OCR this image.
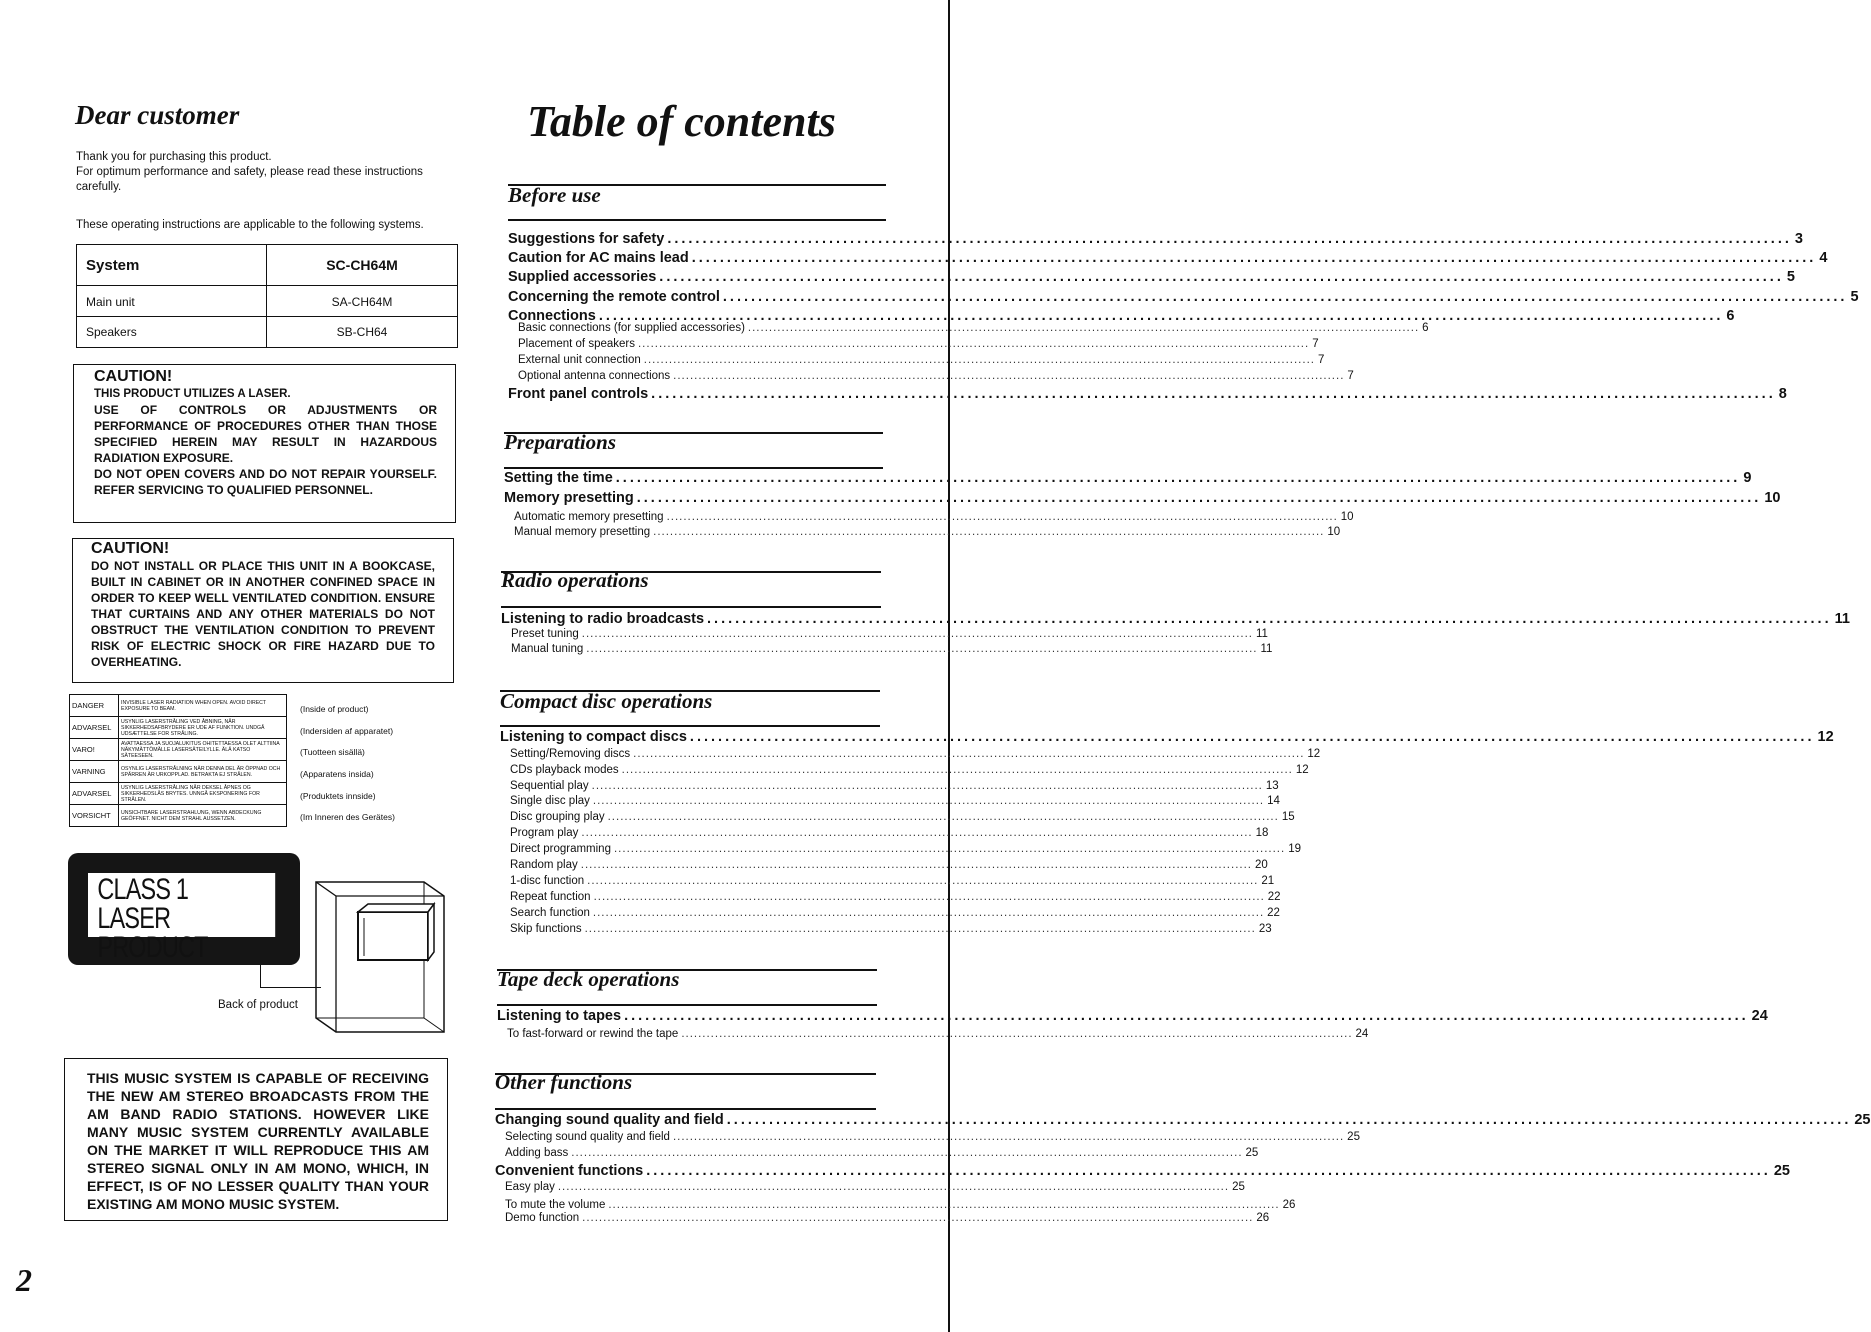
Dear customer
Thank you for purchasing this product.
For optimum performance and safety, please read these instructions
carefully.
These operating instructions are applicable to the following systems.
System	SC-CH64M
Main unit	SA-CH64M
Speakers	SB-CH64
CAUTION!
THIS PRODUCT UTILIZES A LASER.
USE OF CONTROLS OR ADJUSTMENTS OR PERFORMANCE OF PROCEDURES OTHER THAN THOSE SPECIFIED HEREIN MAY RESULT IN HAZARDOUS RADIATION EXPOSURE.
DO NOT OPEN COVERS AND DO NOT REPAIR YOURSELF. REFER SERVICING TO QUALIFIED PERSONNEL.
CAUTION!
DO NOT INSTALL OR PLACE THIS UNIT IN A BOOKCASE, BUILT IN CABINET OR IN ANOTHER CONFINED SPACE IN ORDER TO KEEP WELL VENTILATED CONDITION. ENSURE THAT CURTAINS AND ANY OTHER MATERIALS DO NOT OBSTRUCT THE VENTILATION CONDITION TO PREVENT RISK OF ELECTRIC SHOCK OR FIRE HAZARD DUE TO OVERHEATING.
DANGER	INVISIBLE LASER RADIATION WHEN OPEN. AVOID DIRECT EXPOSURE TO BEAM.
ADVARSEL	USYNLIG LASERSTRÅLING VED ÅBNING, NÅR SIKKERHEDSAFBRYDERE ER UDE AF FUNKTION. UNDGÅ UDSÆTTELSE FOR STRÅLING.
VARO!	AVATTAESSA JA SUOJALUKITUS OHITETTAESSA OLET ALTTIINA NÄKYMÄTTÖMÄLLE LASERSÄTEILYLLE. ÄLÄ KATSO SÄTEESEEN.
VARNING	OSYNLIG LASERSTRÅLNING NÄR DENNA DEL ÄR ÖPPNAD OCH SPÄRREN ÄR URKOPPLAD. BETRAKTA EJ STRÅLEN.
ADVARSEL	USYNLIG LASERSTRÅLING NÅR DEKSEL ÅPNES OG SIKKERHEDSLÅS BRYTES. UNNGÅ EKSPONERING FOR STRÅLEN.
VORSICHT	UNSICHTBARE LASERSTRAHLUNG, WENN ABDECKUNG GEÖFFNET. NICHT DEM STRAHL AUSSETZEN.
(Inside of product)
(Indersiden af apparatet)
(Tuotteen sisällä)
(Apparatens insida)
(Produktets innside)
(Im Inneren des Gerätes)
CLASS 1
LASER PRODUCT
Back of product
THIS MUSIC SYSTEM IS CAPABLE OF RECEIVING THE NEW AM STEREO BROADCASTS FROM THE AM BAND RADIO STATIONS. HOWEVER LIKE MANY MUSIC SYSTEM CURRENTLY AVAILABLE ON THE MARKET IT WILL REPRODUCE THIS AM STEREO SIGNAL ONLY IN AM MONO, WHICH, IN EFFECT, IS OF NO LESSER QUALITY THAN YOUR EXISTING AM MONO MUSIC SYSTEM.
2
Table of contents
Before use
Suggestions for safety ................................................................................................................................................................ 3
Caution for AC mains lead ................................................................................................................................................................ 4
Supplied accessories ................................................................................................................................................................ 5
Concerning the remote control ................................................................................................................................................................ 5
Connections ................................................................................................................................................................ 6
Basic connections (for supplied accessories) ................................................................................................................................................................ 6
Placement of speakers ................................................................................................................................................................ 7
External unit connection ................................................................................................................................................................ 7
Optional antenna connections ................................................................................................................................................................ 7
Front panel controls ................................................................................................................................................................ 8
Preparations
Setting the time ................................................................................................................................................................ 9
Memory presetting ................................................................................................................................................................ 10
Automatic memory presetting ................................................................................................................................................................ 10
Manual memory presetting ................................................................................................................................................................ 10
Radio operations
Listening to radio broadcasts ................................................................................................................................................................ 11
Preset tuning ................................................................................................................................................................ 11
Manual tuning ................................................................................................................................................................ 11
Compact disc operations
Listening to compact discs ................................................................................................................................................................ 12
Setting/Removing discs ................................................................................................................................................................ 12
CDs playback modes ................................................................................................................................................................ 12
Sequential play ................................................................................................................................................................ 13
Single disc play ................................................................................................................................................................ 14
Disc grouping play ................................................................................................................................................................ 15
Program play ................................................................................................................................................................ 18
Direct programming ................................................................................................................................................................ 19
Random play ................................................................................................................................................................ 20
1-disc function ................................................................................................................................................................ 21
Repeat function ................................................................................................................................................................ 22
Search function ................................................................................................................................................................ 22
Skip functions ................................................................................................................................................................ 23
Tape deck operations
Listening to tapes ................................................................................................................................................................ 24
To fast-forward or rewind the tape ................................................................................................................................................................ 24
Other functions
Changing sound quality and field ................................................................................................................................................................ 25
Selecting sound quality and field ................................................................................................................................................................ 25
Adding bass ................................................................................................................................................................ 25
Convenient functions ................................................................................................................................................................ 25
Easy play ................................................................................................................................................................ 25
To mute the volume ................................................................................................................................................................ 26
Demo function ................................................................................................................................................................ 26
